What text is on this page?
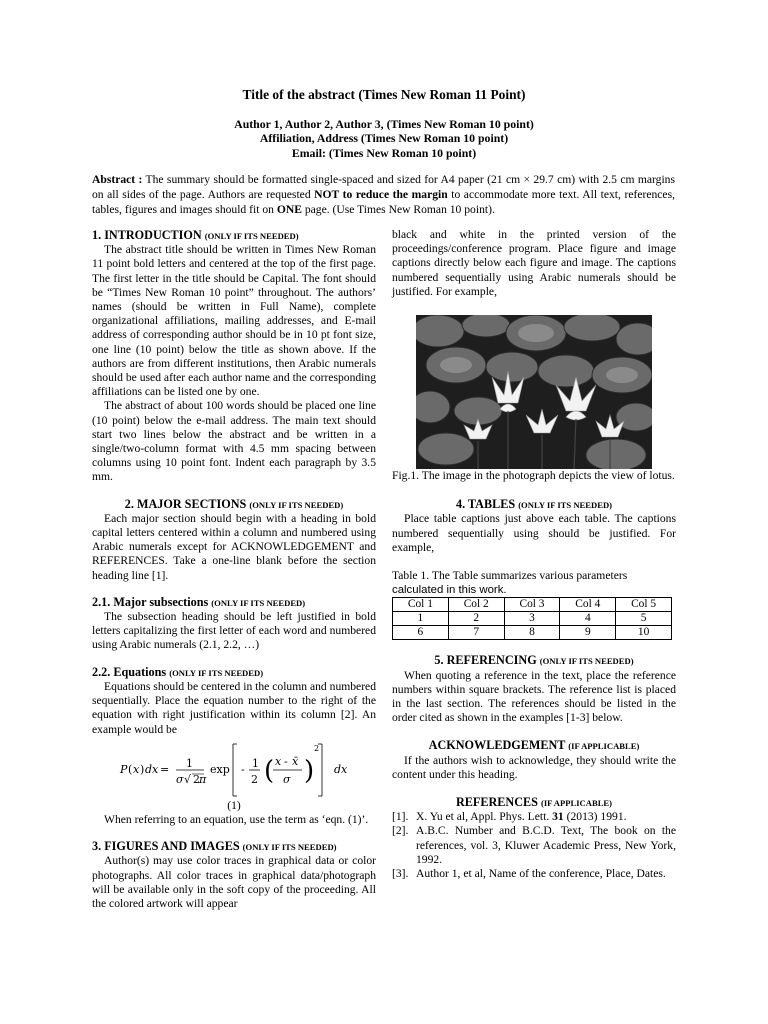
Title of the abstract (Times New Roman 11 Point)
Author 1, Author 2, Author 3, (Times New Roman 10 point)
Affiliation, Address (Times New Roman 10 point)
Email: (Times New Roman 10 point)
Abstract : The summary should be formatted single-spaced and sized for A4 paper (21 cm × 29.7 cm) with 2.5 cm margins on all sides of the page. Authors are requested NOT to reduce the margin to accommodate more text. All text, references, tables, figures and images should fit on ONE page. (Use Times New Roman 10 point).
1. INTRODUCTION (ONLY IF ITS NEEDED)

The abstract title should be written in Times New Roman 11 point bold letters and centered at the top of the first page. The first letter in the title should be Capital. The font should be “Times New Roman 10 point” throughout. The authors’ names (should be written in Full Name), complete organizational affiliations, mailing addresses, and E-mail address of corresponding author should be in 10 pt font size, one line (10 point) below the title as shown above. If the authors are from different institutions, then Arabic numerals should be used after each author name and the corresponding affiliations can be listed one by one.

The abstract of about 100 words should be placed one line (10 point) below the e-mail address. The main text should start two lines below the abstract and be written in a single/two-column format with 4.5 mm spacing between columns using 10 point font. Indent each paragraph by 3.5 mm.

2. MAJOR SECTIONS (ONLY IF ITS NEEDED)

Each major section should begin with a heading in bold capital letters centered within a column and numbered using Arabic numerals except for ACKNOWLEDGEMENT and REFERENCES. Take a one-line blank before the section heading line [1].

2.1. Major subsections (ONLY IF ITS NEEDED)

The subsection heading should be left justified in bold letters capitalizing the first letter of each word and numbered using Arabic numerals (2.1, 2.2, …)

2.2. Equations (ONLY IF ITS NEEDED)

Equations should be centered in the column and numbered sequentially. Place the equation number to the right of the equation with right justification within its column [2]. An example would be

P ( x ) dx = 1
σ √ 2 π
exp - 1
2 ( x - x̄
σ )
2
dx
(1)

When referring to an equation, use the term as ‘eqn. (1)’.

3. FIGURES AND IMAGES (ONLY IF ITS NEEDED)

Author(s) may use color traces in graphical data or color photographs. All color traces in graphical data/photograph will be available only in the soft copy of the proceeding. All the colored artwork will appear

black and white in the printed version of the proceedings/conference program. Place figure and image captions directly below each figure and image. The captions numbered sequentially using Arabic numerals should be justified. For example,

Fig.1. The image in the photograph depicts the view of lotus.

4. TABLES (ONLY IF ITS NEEDED)

Place table captions just above each table. The captions numbered sequentially using should be justified. For example,

Table 1. The Table summarizes various parameters

calculated in this work.

Col 1	Col 2	Col 3	Col 4	Col 5
1	2	3	4	5
6	7	8	9	10
5. REFERENCING (ONLY IF ITS NEEDED)

When quoting a reference in the text, place the reference numbers within square brackets. The reference list is placed in the last section. The references should be listed in the order cited as shown in the examples [1-3] below.

ACKNOWLEDGEMENT (IF APPLICABLE)

If the authors wish to acknowledge, they should write the content under this heading.

REFERENCES (IF APPLICABLE)
[1]. X. Yu et al, Appl. Phys. Lett. 31 (2013) 1991.
[2]. A.B.C. Number and B.C.D. Text, The book on the references, vol. 3, Kluwer Academic Press, New York, 1992.
[3]. Author 1, et al, Name of the conference, Place, Dates.
